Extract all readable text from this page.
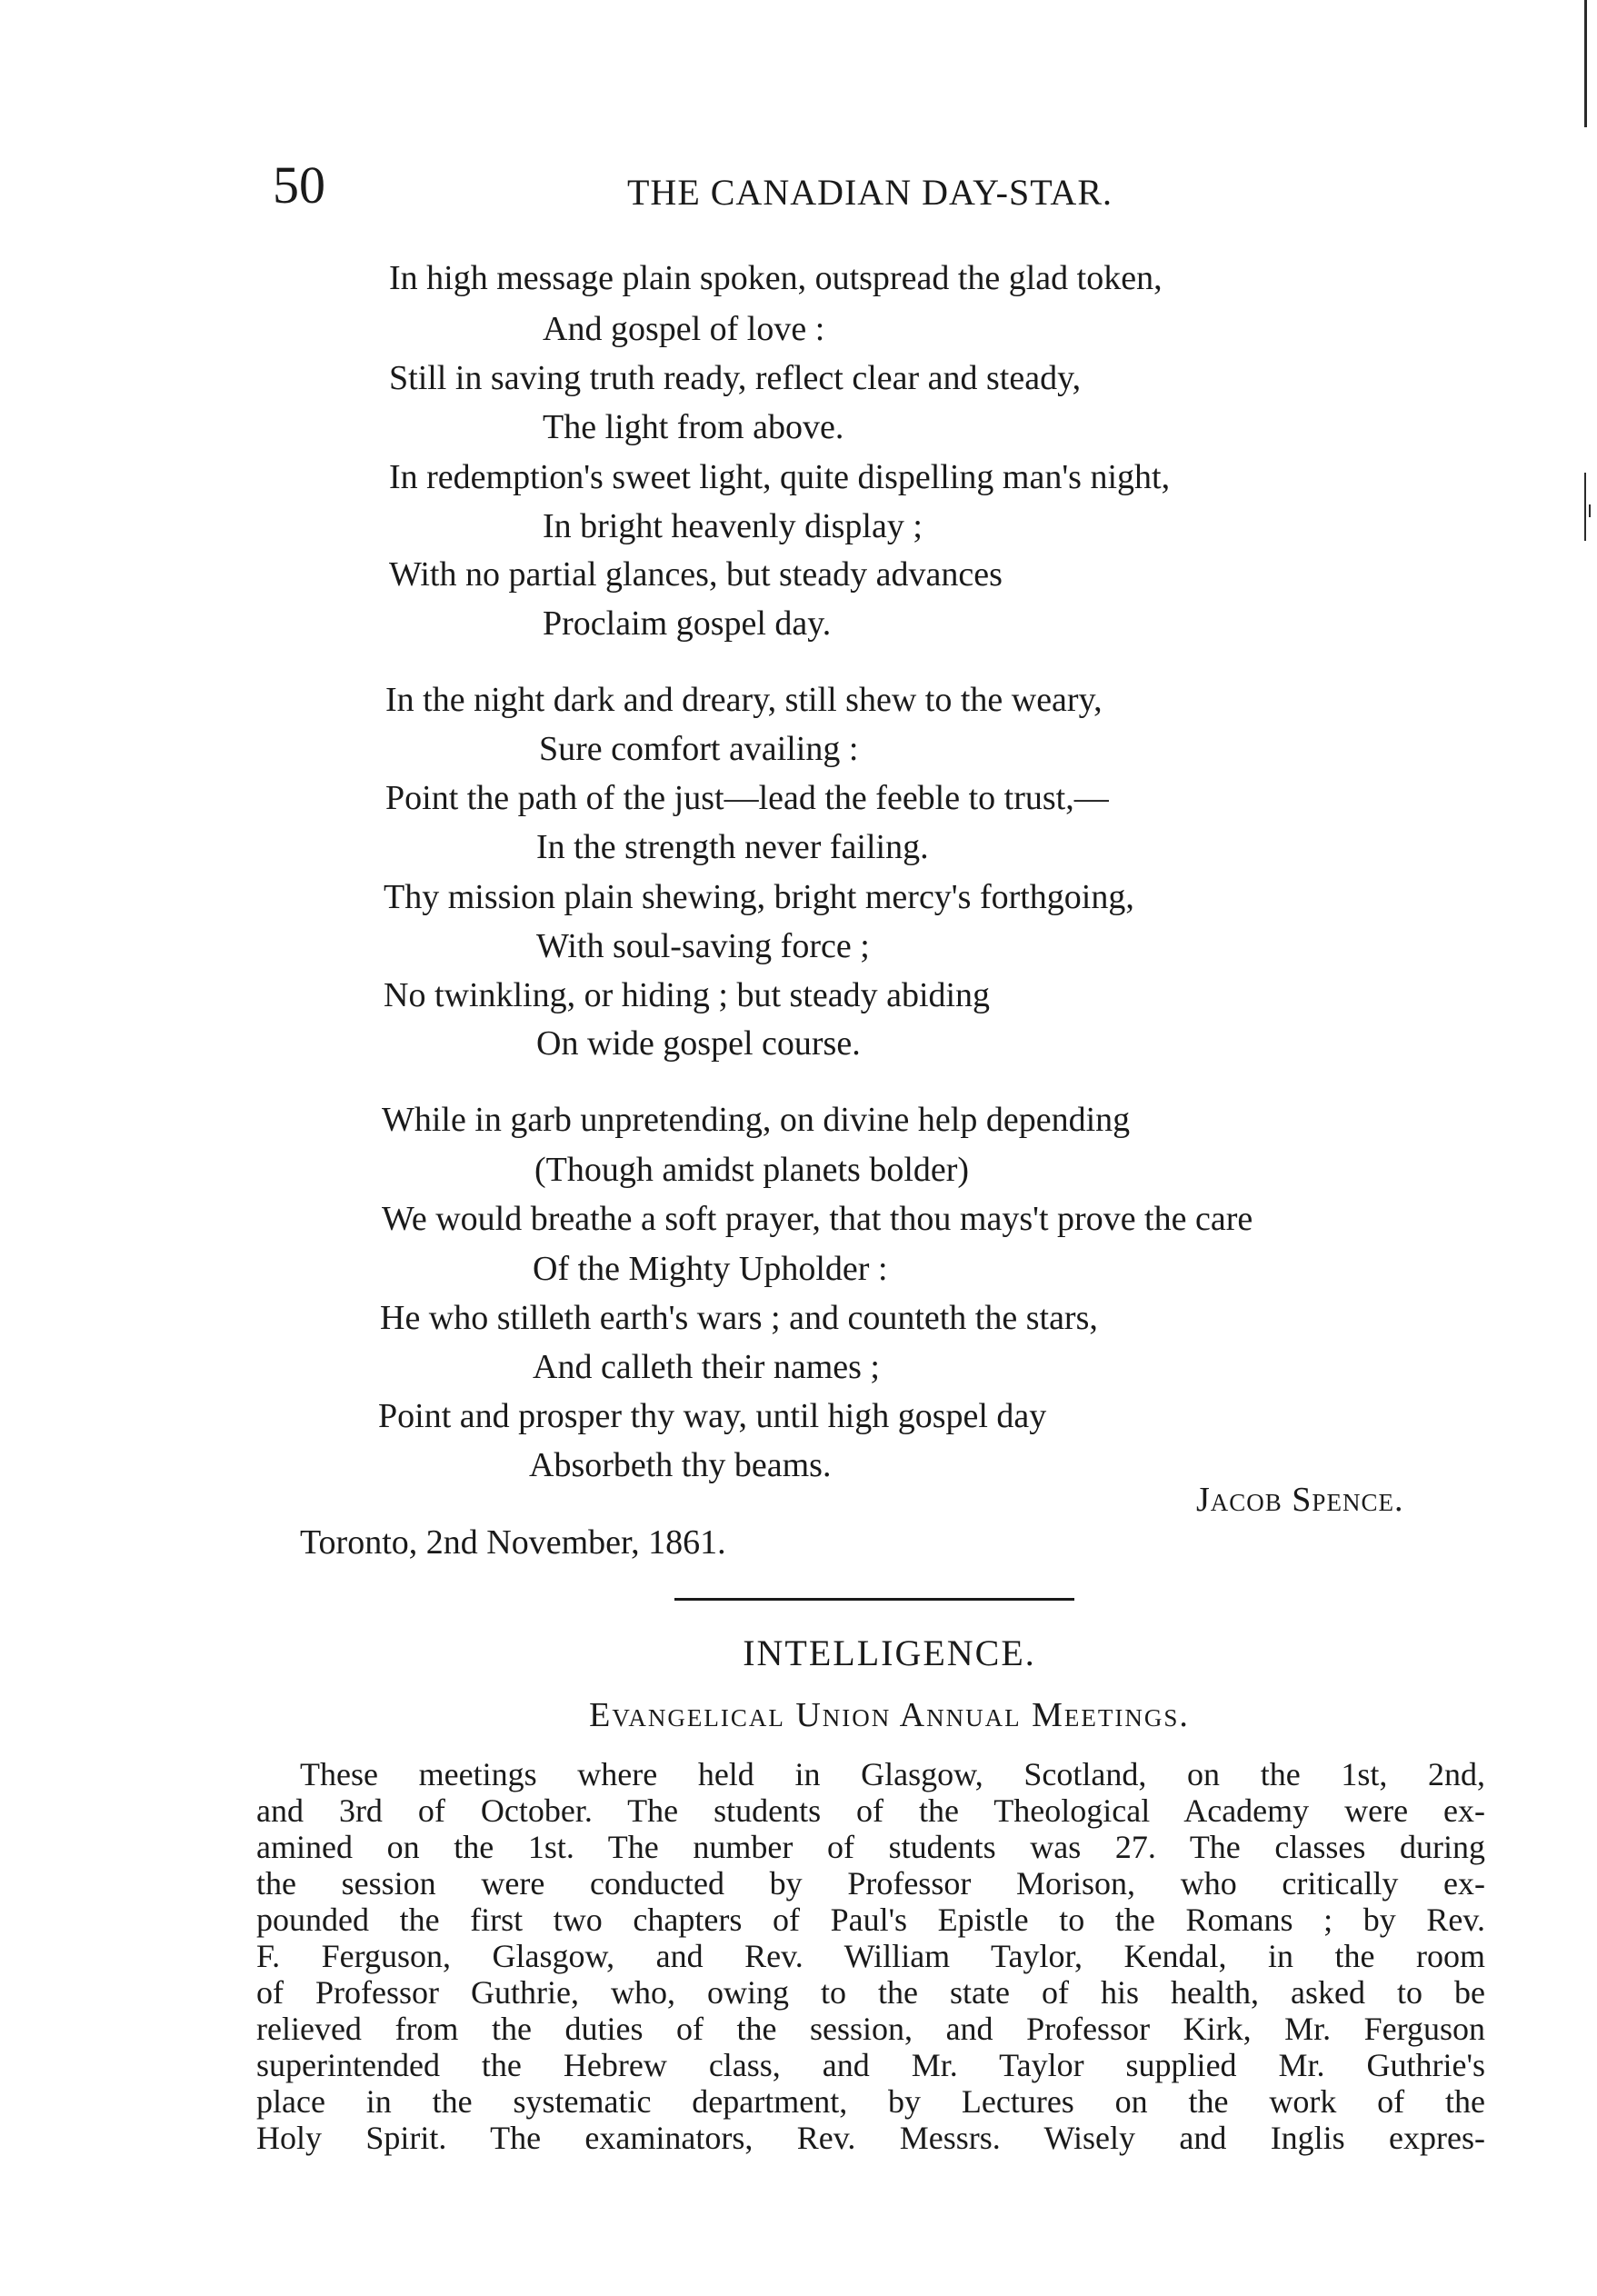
50	THE CANADIAN DAY-STAR.
In high message plain spoken, outspread the glad token,
And gospel of love :
Still in saving truth ready, reflect clear and steady,
The light from above.
In redemption's sweet light, quite dispelling man's night,
In bright heavenly display ;
With no partial glances, but steady advances
Proclaim gospel day.
In the night dark and dreary, still shew to the weary,
Sure comfort availing :
Point the path of the just—lead the feeble to trust,—
In the strength never failing.
Thy mission plain shewing, bright mercy's forthgoing,
With soul-saving force ;
No twinkling, or hiding ; but steady abiding
On wide gospel course.
While in garb unpretending, on divine help depending
(Though amidst planets bolder)
We would breathe a soft prayer, that thou mays't prove the care
Of the Mighty Upholder :
He who stilleth earth's wars ; and counteth the stars,
And calleth their names ;
Point and prosper thy way, until high gospel day
Absorbeth thy beams.
Jacob Spence.
Toronto, 2nd November, 1861.
INTELLIGENCE.
Evangelical Union Annual Meetings.
These meetings where held in Glasgow, Scotland, on the 1st, 2nd,
and 3rd of October. The students of the Theological Academy were ex-
amined on the 1st. The number of students was 27. The classes during
the session were conducted by Professor Morison, who critically ex-
pounded the first two chapters of Paul's Epistle to the Romans ; by Rev.
F. Ferguson, Glasgow, and Rev. William Taylor, Kendal, in the room
of Professor Guthrie, who, owing to the state of his health, asked to be
relieved from the duties of the session, and Professor Kirk, Mr. Ferguson
superintended the Hebrew class, and Mr. Taylor supplied Mr. Guthrie's
place in the systematic department, by Lectures on the work of the
Holy Spirit. The examinators, Rev. Messrs. Wisely and Inglis expres-
